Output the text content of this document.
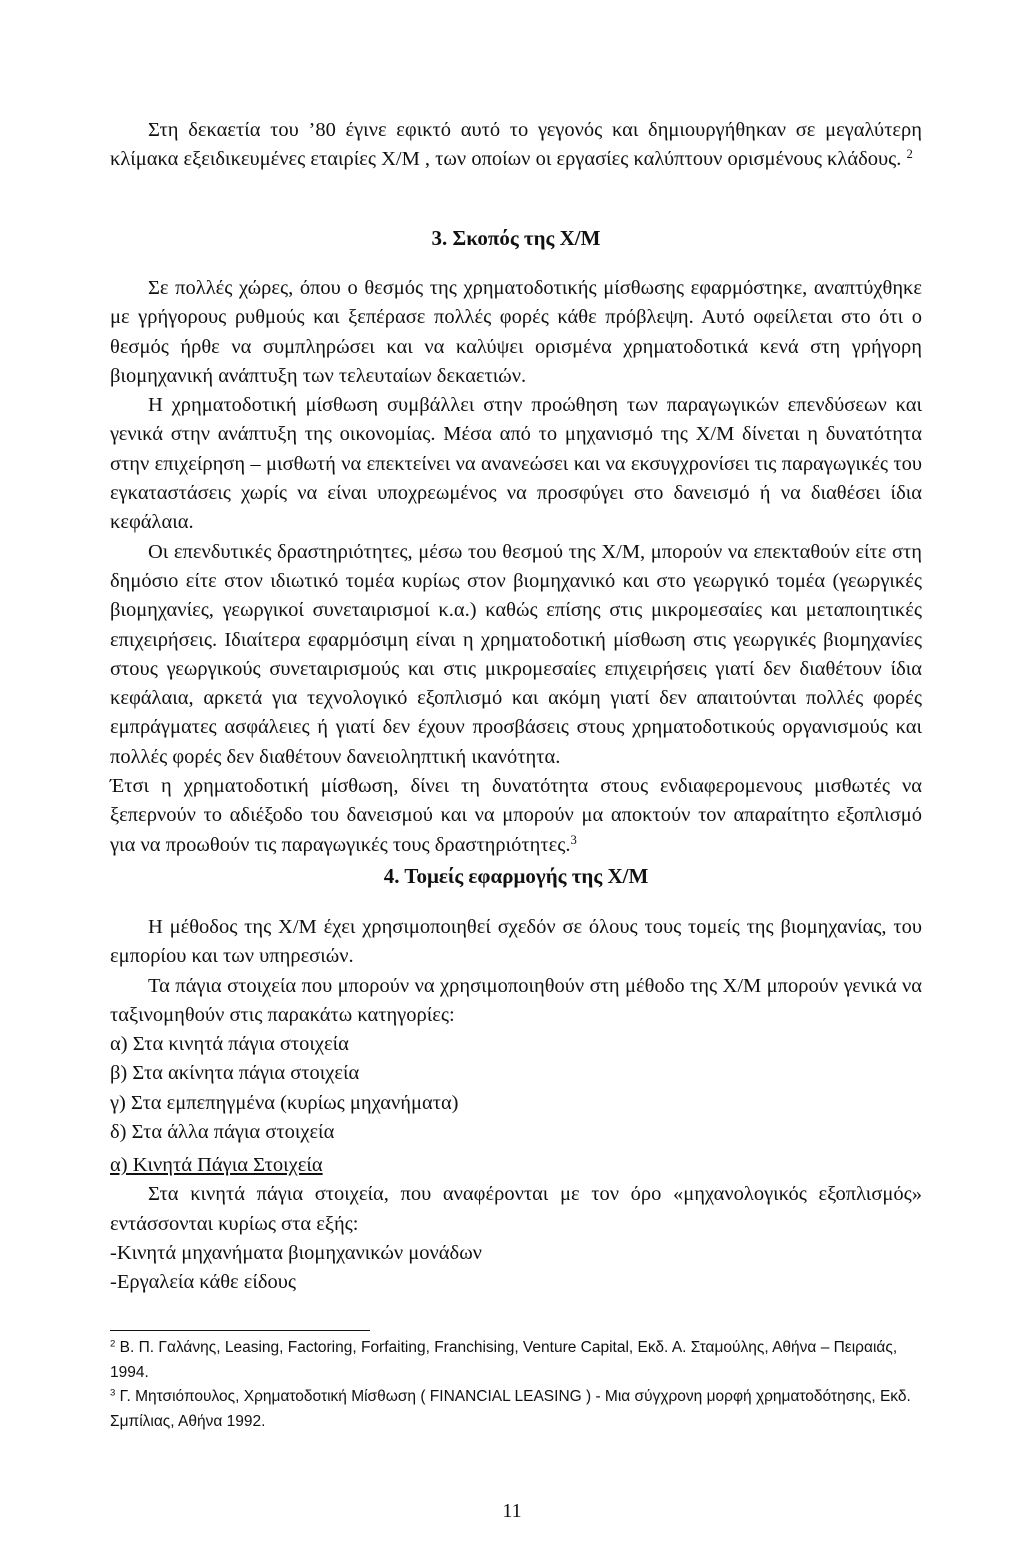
Στη δεκαετία του ’80 έγινε εφικτό αυτό το γεγονός και δημιουργήθηκαν σε μεγαλύτερη κλίμακα εξειδικευμένες εταιρίες Χ/Μ , των οποίων οι εργασίες καλύπτουν ορισμένους κλάδους. $^2$

3. Σκοπός της Χ/Μ

Σε πολλές χώρες, όπου ο θεσμός της χρηματοδοτικής μίσθωσης εφαρμόστηκε, αναπτύχθηκε με γρήγορους ρυθμούς και ξεπέρασε πολλές φορές κάθε πρόβλεψη. Αυτό οφείλεται στο ότι ο θεσμός ήρθε να συμπληρώσει και να καλύψει ορισμένα χρηματοδοτικά κενά στη γρήγορη βιομηχανική ανάπτυξη των τελευταίων δεκαετιών.

Η χρηματοδοτική μίσθωση συμβάλλει στην προώθηση των παραγωγικών επενδύσεων και γενικά στην ανάπτυξη της οικονομίας. Μέσα από το μηχανισμό της Χ/Μ δίνεται η δυνατότητα στην επιχείρηση – μισθωτή να επεκτείνει να ανανεώσει και να εκσυγχρονίσει τις παραγωγικές του εγκαταστάσεις χωρίς να είναι υποχρεωμένος να προσφύγει στο δανεισμό ή να διαθέσει ίδια κεφάλαια.

Οι επενδυτικές δραστηριότητες, μέσω του θεσμού της Χ/Μ, μπορούν να επεκταθούν είτε στη δημόσιο είτε στον ιδιωτικό τομέα κυρίως στον βιομηχανικό και στο γεωργικό τομέα (γεωργικές βιομηχανίες, γεωργικοί συνεταιρισμοί κ.α.) καθώς επίσης στις μικρομεσαίες και μεταποιητικές επιχειρήσεις. Ιδιαίτερα εφαρμόσιμη είναι η χρηματοδοτική μίσθωση στις γεωργικές βιομηχανίες στους γεωργικούς συνεταιρισμούς και στις μικρομεσαίες επιχειρήσεις γιατί δεν διαθέτουν ίδια κεφάλαια, αρκετά για τεχνολογικό εξοπλισμό και ακόμη γιατί δεν απαιτούνται πολλές φορές εμπράγματες ασφάλειες ή γιατί δεν έχουν προσβάσεις στους χρηματοδοτικούς οργανισμούς και πολλές φορές δεν διαθέτουν δανειοληπτική ικανότητα.

Έτσι η χρηματοδοτική μίσθωση, δίνει τη δυνατότητα στους ενδιαφερομενους μισθωτές να ξεπερνούν το αδιέξοδο του δανεισμού και να μπορούν μα αποκτούν τον απαραίτητο εξοπλισμό για να προωθούν τις παραγωγικές τους δραστηριότητες.$^3$

4. Τομείς εφαρμογής της Χ/Μ

Η μέθοδος της Χ/Μ έχει χρησιμοποιηθεί σχεδόν σε όλους τους τομείς της βιομηχανίας, του εμπορίου και των υπηρεσιών.

Τα πάγια στοιχεία που μπορούν να χρησιμοποιηθούν στη μέθοδο της Χ/Μ μπορούν γενικά να ταξινομηθούν στις παρακάτω κατηγορίες:

α) Στα κινητά πάγια στοιχεία

β) Στα ακίνητα πάγια στοιχεία

γ) Στα εμπεπηγμένα (κυρίως μηχανήματα)

δ) Στα άλλα πάγια στοιχεία

α) Κινητά Πάγια Στοιχεία

Στα κινητά πάγια στοιχεία, που αναφέρονται με τον όρο «μηχανολογικός εξοπλισμός» εντάσσονται κυρίως στα εξής:

-Κινητά μηχανήματα βιομηχανικών μονάδων

-Εργαλεία κάθε είδους

$^2$ Β. Π. Γαλάνης, Leasing, Factoring, Forfaiting, Franchising, Venture Capital, Εκδ. Α. Σταμούλης, Αθήνα – Πειραιάς, 1994.

$^3$ Γ. Μητσιόπουλος, Χρηματοδοτική Μίσθωση ( FINANCIAL LEASING ) - Μια σύγχρονη μορφή χρηματοδότησης, Εκδ. Σμπίλιας, Αθήνα 1992.

11
